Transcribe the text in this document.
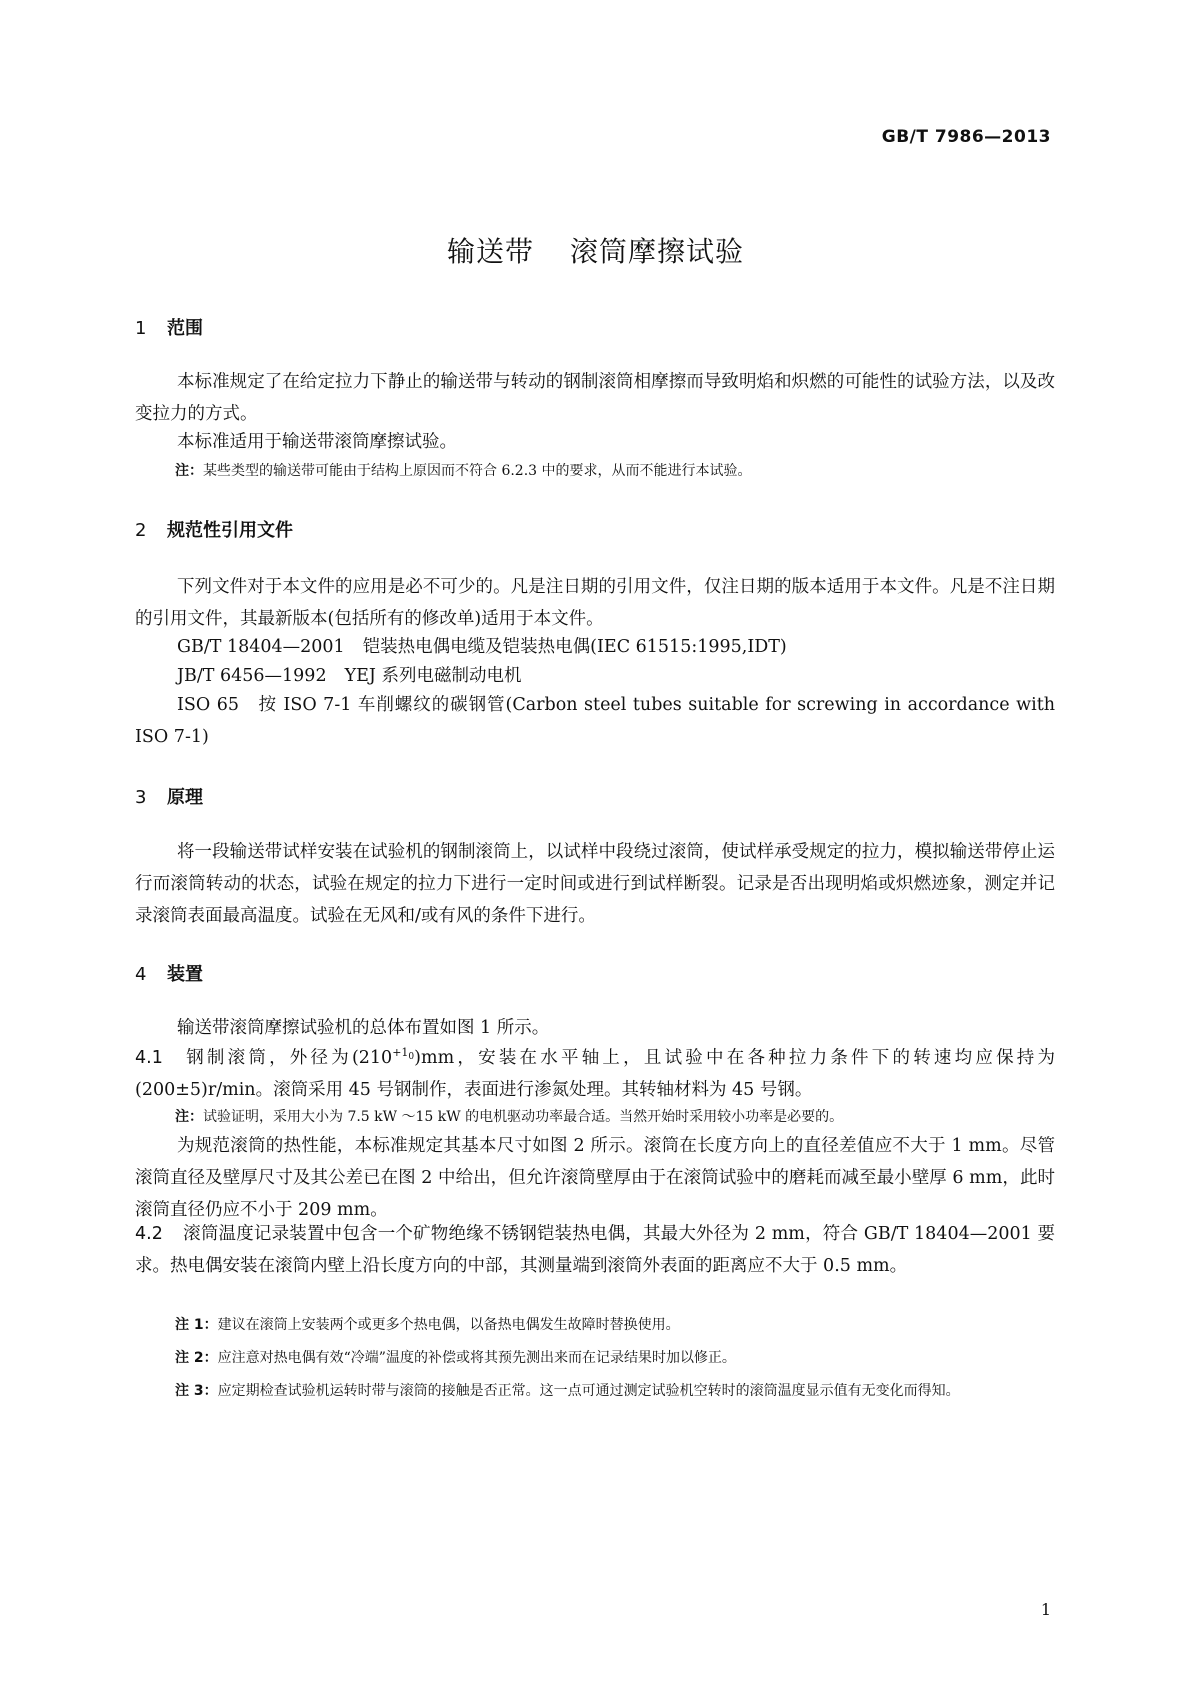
GB/T 7986—2013
输送带 滚筒摩擦试验
1 范围
本标准规定了在给定拉力下静止的输送带与转动的钢制滚筒相摩擦而导致明焰和炽燃的可能性的试验方法，以及改变拉力的方式。
本标准适用于输送带滚筒摩擦试验。
注：某些类型的输送带可能由于结构上原因而不符合 6.2.3 中的要求，从而不能进行本试验。
2 规范性引用文件
下列文件对于本文件的应用是必不可少的。凡是注日期的引用文件，仅注日期的版本适用于本文件。凡是不注日期的引用文件，其最新版本(包括所有的修改单)适用于本文件。
GB/T 18404—2001 铠装热电偶电缆及铠装热电偶(IEC 61515:1995,IDT)
JB/T 6456—1992 YEJ 系列电磁制动电机
ISO 65　按 ISO 7-1 车削螺纹的碳钢管(Carbon steel tubes suitable for screwing in accordance with ISO 7-1)
3 原理
将一段输送带试样安装在试验机的钢制滚筒上，以试样中段绕过滚筒，使试样承受规定的拉力，模拟输送带停止运行而滚筒转动的状态，试验在规定的拉力下进行一定时间或进行到试样断裂。记录是否出现明焰或炽燃迹象，测定并记录滚筒表面最高温度。试验在无风和/或有风的条件下进行。
4 装置
输送带滚筒摩擦试验机的总体布置如图 1 所示。
4.1 钢制滚筒，外径为$(210^{+1_0})mm$，安装在水平轴上，且试验中在各种拉力条件下的转速均应保持为(200±5)r/min。滚筒采用 45 号钢制作，表面进行渗氮处理。其转轴材料为 45 号钢。
注：试验证明，采用大小为 7.5 kW ～15 kW 的电机驱动功率最合适。当然开始时采用较小功率是必要的。
为规范滚筒的热性能，本标准规定其基本尺寸如图 2 所示。滚筒在长度方向上的直径差值应不大于 1 mm。尽管滚筒直径及壁厚尺寸及其公差已在图 2 中给出，但允许滚筒壁厚由于在滚筒试验中的磨耗而减至最小壁厚 6 mm，此时滚筒直径仍应不小于 209 mm。
4.2 滚筒温度记录装置中包含一个矿物绝缘不锈钢铠装热电偶，其最大外径为 2 mm，符合 GB/T 18404—2001 要求。热电偶安装在滚筒内壁上沿长度方向的中部，其测量端到滚筒外表面的距离应不大于 0.5 mm。
注 1：建议在滚筒上安装两个或更多个热电偶，以备热电偶发生故障时替换使用。
注 2：应注意对热电偶有效“冷端”温度的补偿或将其预先测出来而在记录结果时加以修正。
注 3：应定期检查试验机运转时带与滚筒的接触是否正常。这一点可通过测定试验机空转时的滚筒温度显示值有无变化而得知。
1
